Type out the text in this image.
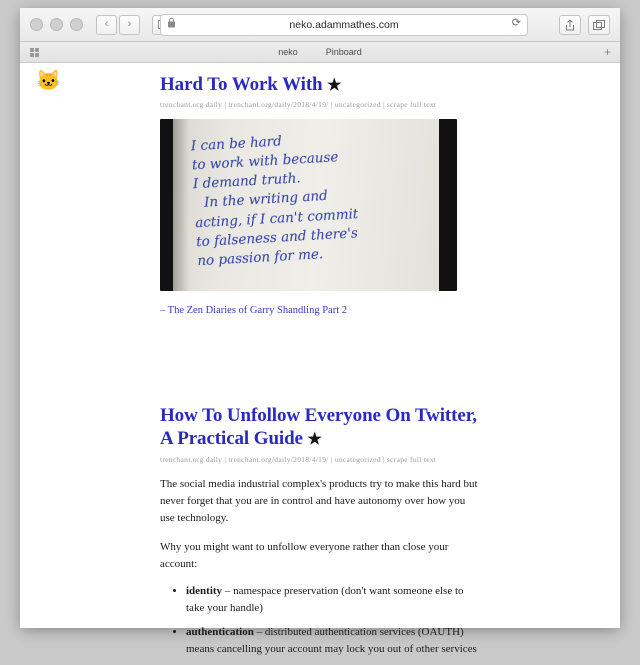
‹	›	neko.adammathes.com	⟳
neko	Pinboard	+
🐱	Hard To Work With ★
trenchant.org daily | trenchant.org/daily/2018/4/19/ | uncategorized | scrape full text
I can be hard
to work with because
I demand truth.

In the writing and
acting, if I can't commit
to falseness and there's
no passion for me.
– The Zen Diaries of Garry Shandling Part 2
How To Unfollow Everyone On Twitter, A Practical Guide ★
trenchant.org daily | trenchant.org/daily/2018/4/19/ | uncategorized | scrape full text

The social media industrial complex's products try to make this hard but never forget that you are in control and have autonomy over how you use technology.

Why you might want to unfollow everyone rather than close your account:

• identity – namespace preservation (don't want someone else to take your handle)
• authentication – distributed authentication services (OAUTH) means cancelling your account may lock you out of other services
